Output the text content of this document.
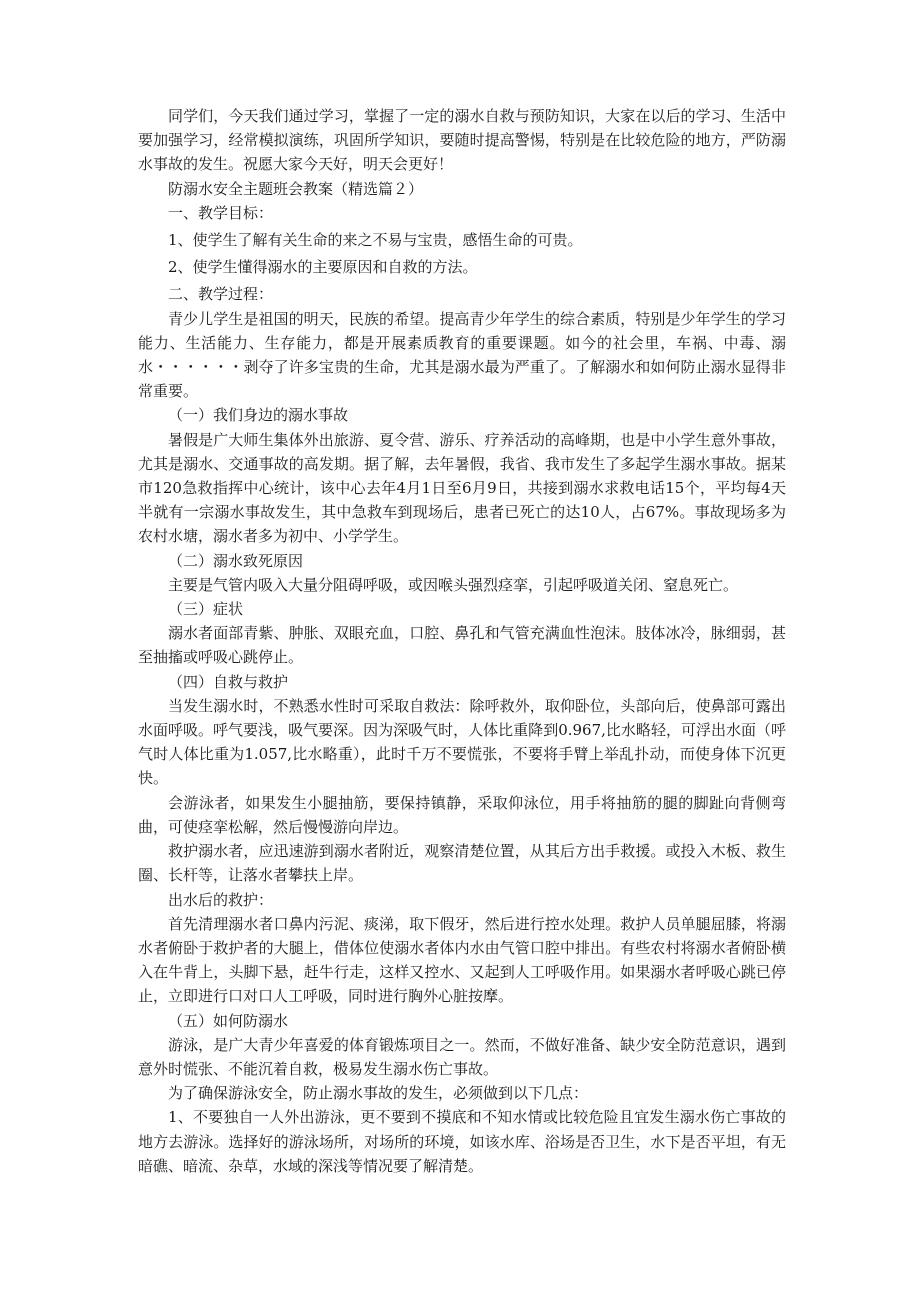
同学们，今天我们通过学习，掌握了一定的溺水自救与预防知识，大家在以后的学习、生活中要加强学习，经常模拟演练，巩固所学知识，要随时提高警惕，特别是在比较危险的地方，严防溺水事故的发生。祝愿大家今天好，明天会更好！

防溺水安全主题班会教案（精选篇２）

一、教学目标：

1、使学生了解有关生命的来之不易与宝贵，感悟生命的可贵。

2、使学生懂得溺水的主要原因和自救的方法。

二、教学过程：

青少儿学生是祖国的明天，民族的希望。提高青少年学生的综合素质，特别是少年学生的学习能力、生活能力、生存能力，都是开展素质教育的重要课题。如今的社会里，车祸、中毒、溺水・・・・・・剥夺了许多宝贵的生命，尤其是溺水最为严重了。了解溺水和如何防止溺水显得非常重要。

（一）我们身边的溺水事故

暑假是广大师生集体外出旅游、夏令营、游乐、疗养活动的高峰期，也是中小学生意外事故，尤其是溺水、交通事故的高发期。据了解，去年暑假，我省、我市发生了多起学生溺水事故。据某市120急救指挥中心统计，该中心去年4月1日至6月9日，共接到溺水求救电话15个，平均每4天半就有一宗溺水事故发生，其中急救车到现场后，患者已死亡的达10人，占67%。事故现场多为农村水塘，溺水者多为初中、小学学生。

（二）溺水致死原因

主要是气管内吸入大量分阻碍呼吸，或因喉头强烈痉挛，引起呼吸道关闭、窒息死亡。

（三）症状

溺水者面部青紫、肿胀、双眼充血，口腔、鼻孔和气管充满血性泡沫。肢体冰冷，脉细弱，甚至抽搐或呼吸心跳停止。

（四）自救与救护

当发生溺水时，不熟悉水性时可采取自救法：除呼救外，取仰卧位，头部向后，使鼻部可露出水面呼吸。呼气要浅，吸气要深。因为深吸气时，人体比重降到0.967,比水略轻，可浮出水面（呼气时人体比重为1.057,比水略重），此时千万不要慌张，不要将手臂上举乱扑动，而使身体下沉更快。

会游泳者，如果发生小腿抽筋，要保持镇静，采取仰泳位，用手将抽筋的腿的脚趾向背侧弯曲，可使痉挛松解，然后慢慢游向岸边。

救护溺水者，应迅速游到溺水者附近，观察清楚位置，从其后方出手救援。或投入木板、救生圈、长杆等，让落水者攀扶上岸。

出水后的救护：

首先清理溺水者口鼻内污泥、痰涕，取下假牙，然后进行控水处理。救护人员单腿屈膝，将溺水者俯卧于救护者的大腿上，借体位使溺水者体内水由气管口腔中排出。有些农村将溺水者俯卧横入在牛背上，头脚下悬，赶牛行走，这样又控水、又起到人工呼吸作用。如果溺水者呼吸心跳已停止，立即进行口对口人工呼吸，同时进行胸外心脏按摩。

（五）如何防溺水

游泳，是广大青少年喜爱的体育锻炼项目之一。然而，不做好准备、缺少安全防范意识，遇到意外时慌张、不能沉着自救，极易发生溺水伤亡事故。

为了确保游泳安全，防止溺水事故的发生，必须做到以下几点：

1、不要独自一人外出游泳，更不要到不摸底和不知水情或比较危险且宜发生溺水伤亡事故的地方去游泳。选择好的游泳场所，对场所的环境，如该水库、浴场是否卫生，水下是否平坦，有无暗礁、暗流、杂草，水域的深浅等情况要了解清楚。
